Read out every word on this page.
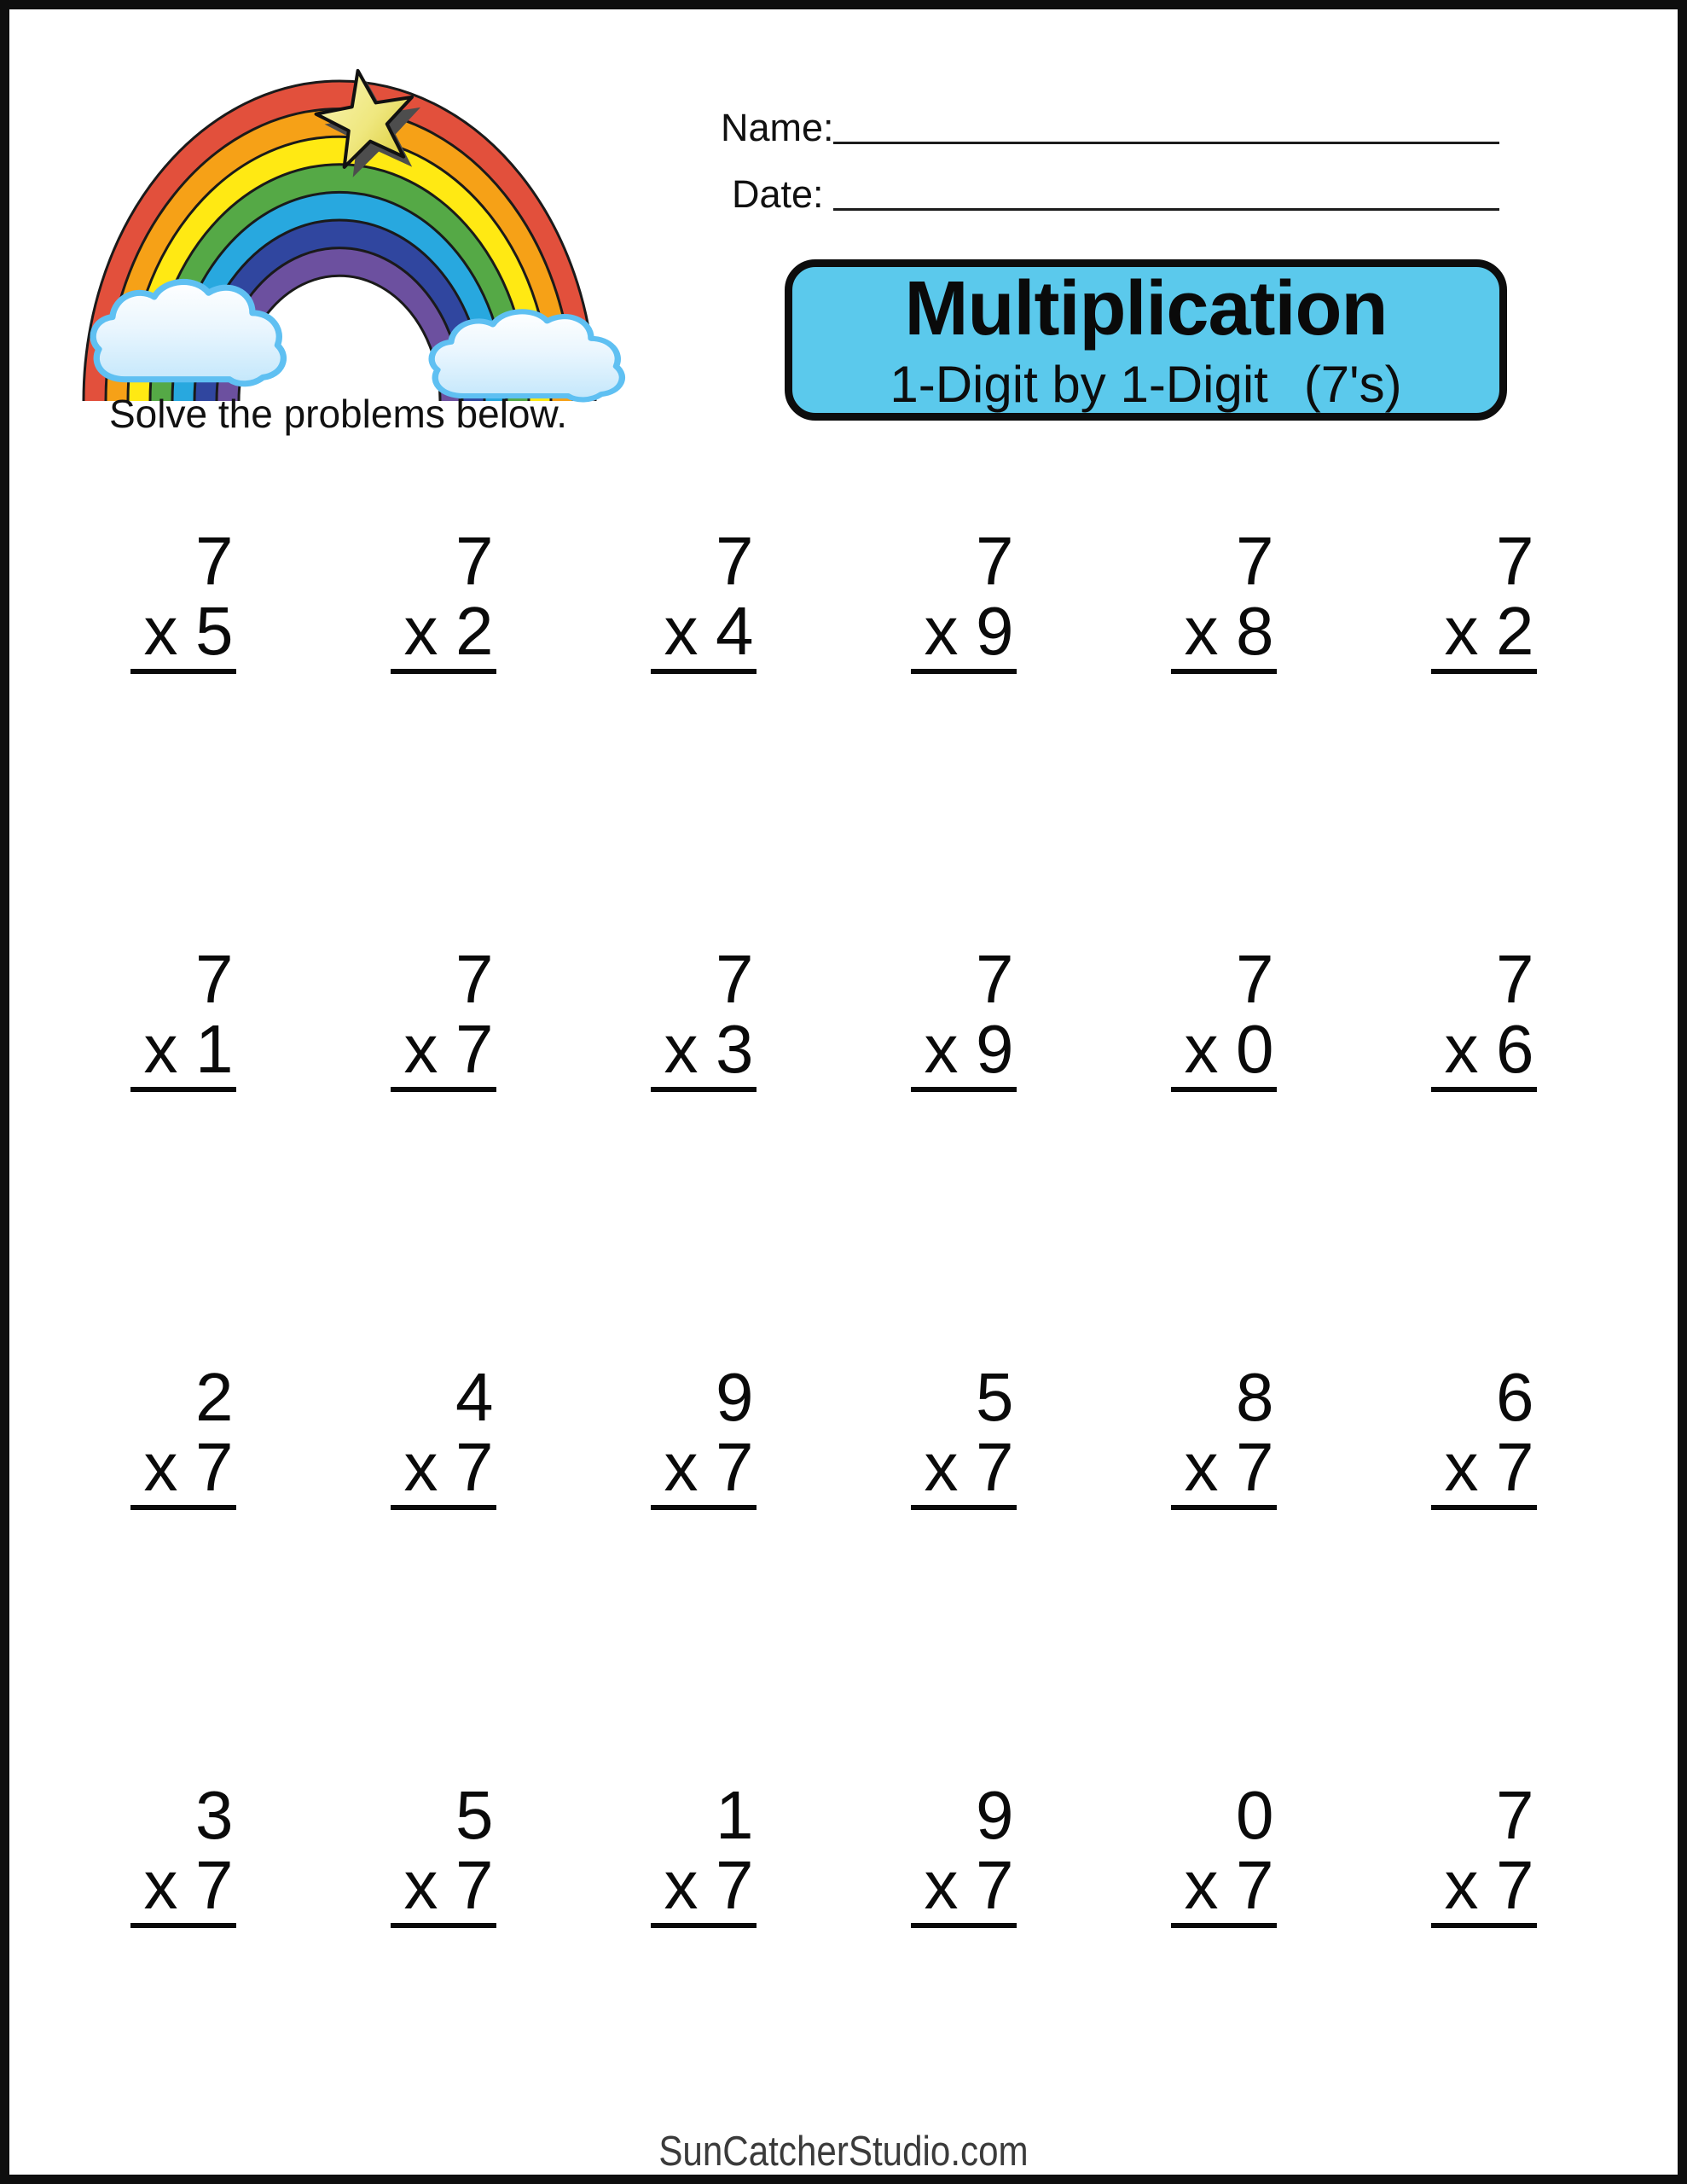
Solve the problems below.
Name:
Date:
Multiplication
1-Digit by 1-Digit (7's)
7
x 5
7
x 2
7
x 4
7
x 9
7
x 8
7
x 2
7
x 1
7
x 7
7
x 3
7
x 9
7
x 0
7
x 6
2
x 7
4
x 7
9
x 7
5
x 7
8
x 7
6
x 7
3
x 7
5
x 7
1
x 7
9
x 7
0
x 7
7
x 7
SunCatcherStudio.com
